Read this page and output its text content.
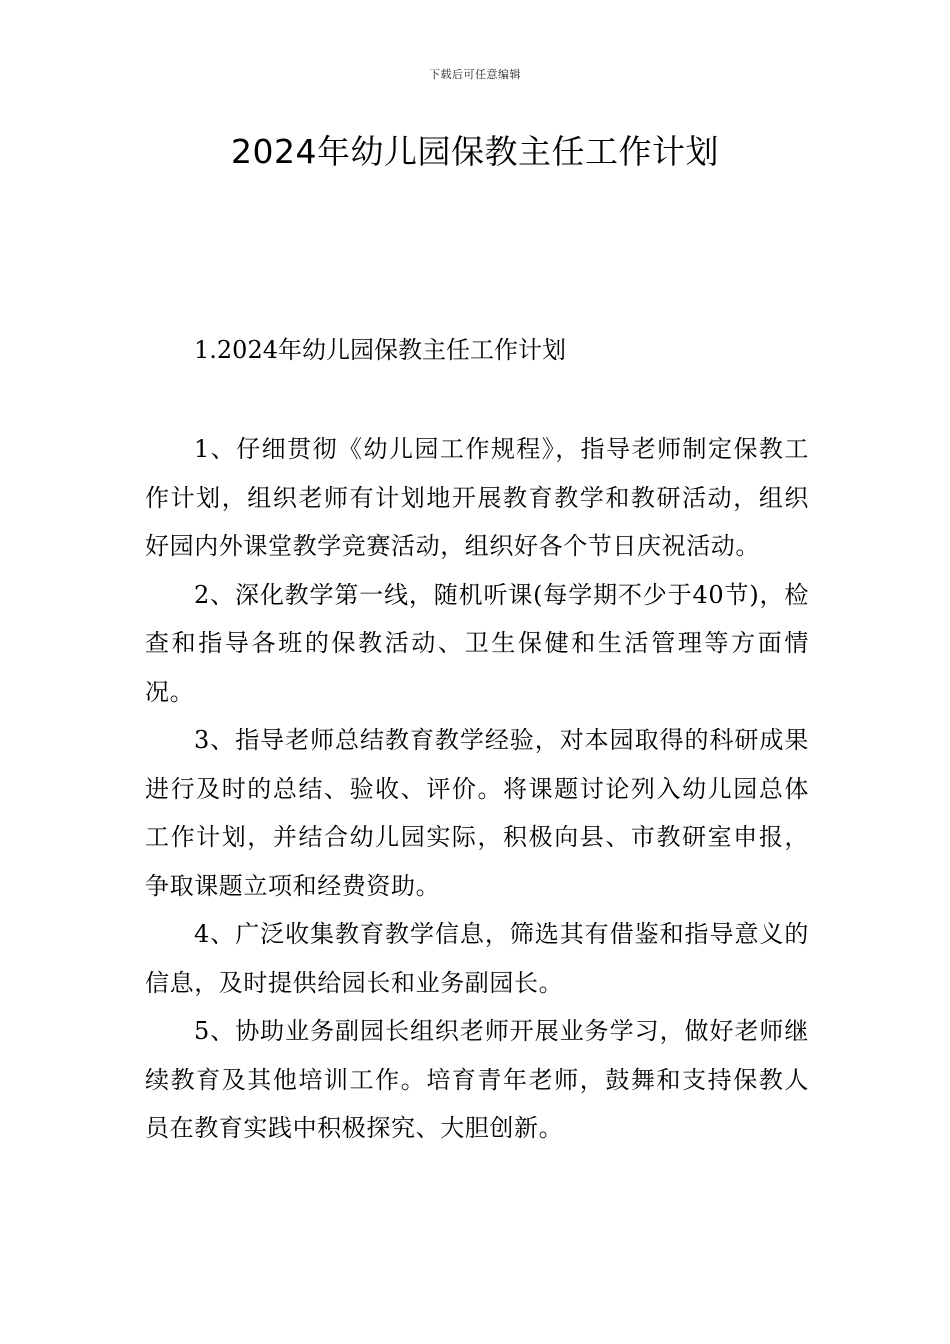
下载后可任意编辑
2024年幼儿园保教主任工作计划
1.2024年幼儿园保教主任工作计划

1、仔细贯彻《幼儿园工作规程》，指导老师制定保教工作计划，组织老师有计划地开展教育教学和教研活动，组织好园内外课堂教学竞赛活动，组织好各个节日庆祝活动。

2、深化教学第一线，随机听课(每学期不少于40节)，检查和指导各班的保教活动、卫生保健和生活管理等方面情况。

3、指导老师总结教育教学经验，对本园取得的科研成果进行及时的总结、验收、评价。将课题讨论列入幼儿园总体工作计划，并结合幼儿园实际，积极向县、市教研室申报，争取课题立项和经费资助。

4、广泛收集教育教学信息，筛选其有借鉴和指导意义的信息，及时提供给园长和业务副园长。

5、协助业务副园长组织老师开展业务学习，做好老师继续教育及其他培训工作。培育青年老师，鼓舞和支持保教人员在教育实践中积极探究、大胆创新。
